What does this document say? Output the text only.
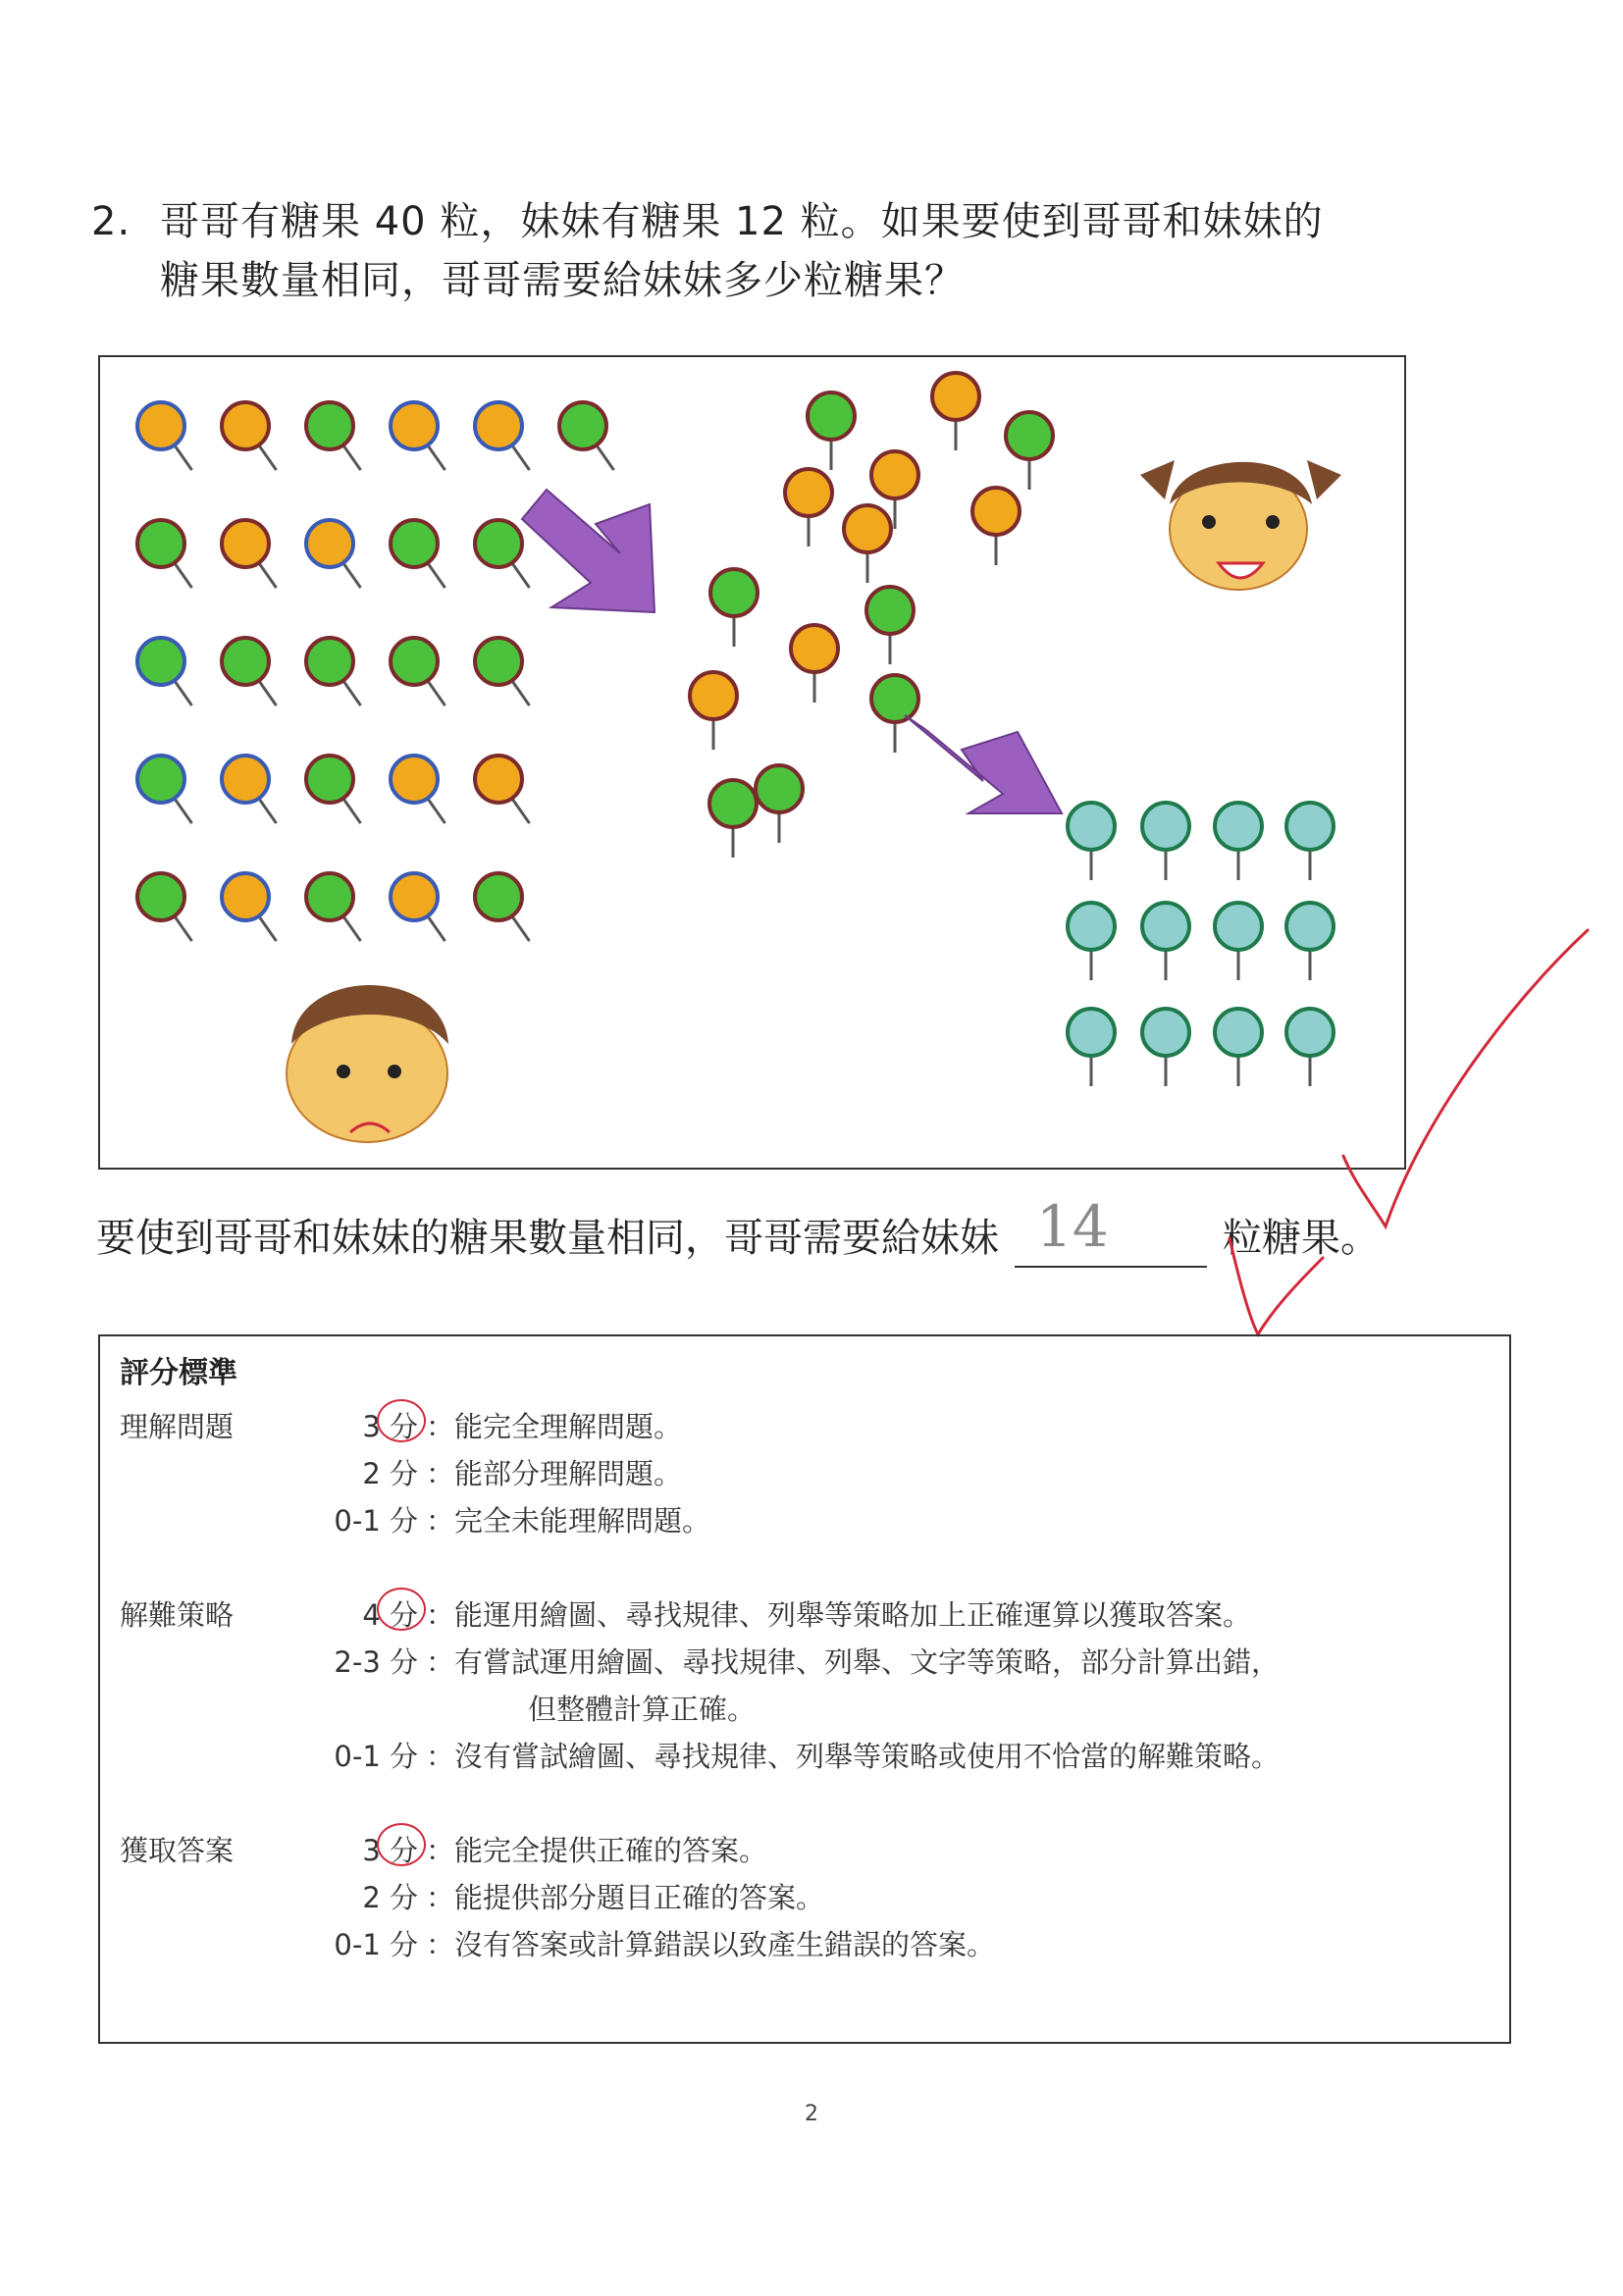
2. 哥哥有糖果 40 粒，妹妹有糖果 12 粒。如果要使到哥哥和妹妹的
糖果數量相同，哥哥需要給妹妹多少粒糖果？
要使到哥哥和妹妹的糖果數量相同，哥哥需要給妹妹 14	粒糖果。
評分標準
理解問題	3 分 ：能完全理解問題。
2 分 ：能部分理解問題。
0-1 分 ：完全未能理解問題。
解難策略	4 分 ：能運用繪圖、尋找規律、列舉等策略加上正確運算以獲取答案。
2-3 分 ：有嘗試運用繪圖、尋找規律、列舉、文字等策略，部分計算出錯，
但整體計算正確。
0-1 分 ：沒有嘗試繪圖、尋找規律、列舉等策略或使用不恰當的解難策略。
獲取答案	3 分 ：能完全提供正確的答案。
2 分 ：能提供部分題目正確的答案。
0-1 分 ：沒有答案或計算錯誤以致產生錯誤的答案。
2
